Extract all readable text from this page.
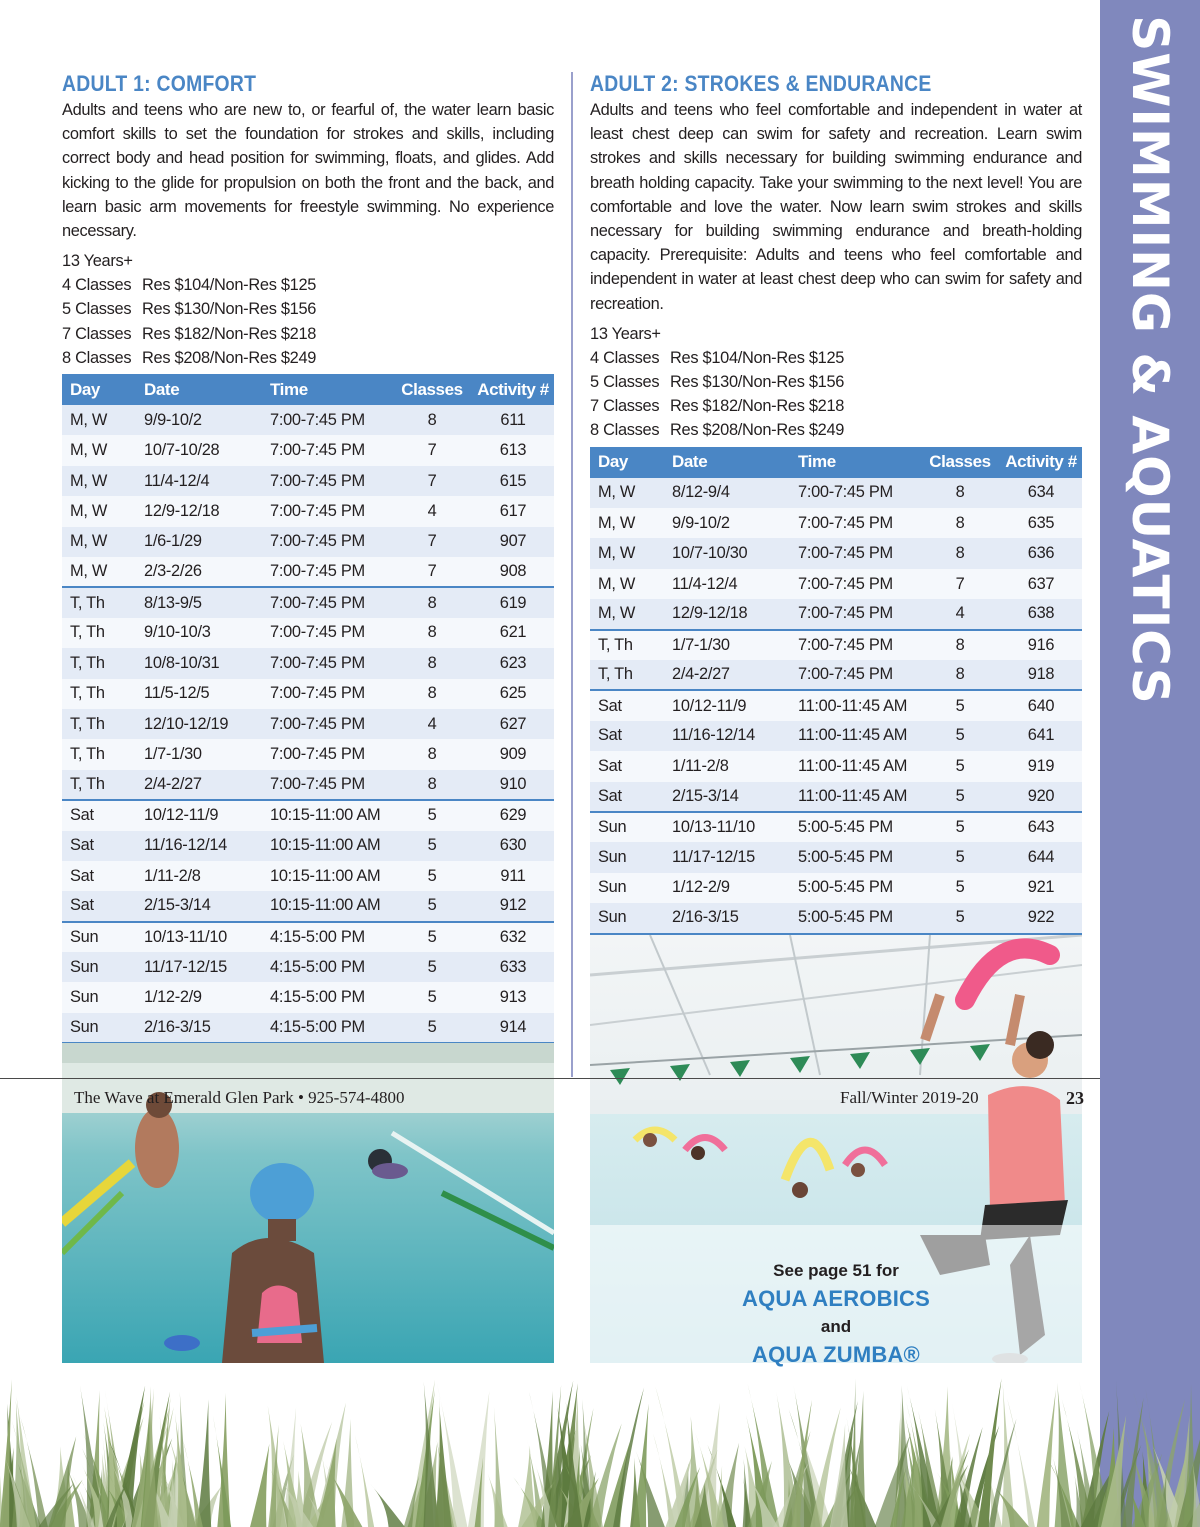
SWIMMING & AQUATICS
ADULT 1: COMFORT

Adults and teens who are new to, or fearful of, the water learn basic comfort skills to set the foundation for strokes and skills, including correct body and head position for swimming, floats, and glides. Add kicking to the glide for propulsion on both the front and the back, and learn basic arm movements for freestyle swimming. No experience necessary.

13 Years+
4 Classes Res $104/Non-Res $125
5 Classes Res $130/Non-Res $156
7 Classes Res $182/Non-Res $218
8 Classes Res $208/Non-Res $249
Day	Date	Time	Classes	Activity #
M, W	9/9-10/2	7:00-7:45 PM	8	611
M, W	10/7-10/28	7:00-7:45 PM	7	613
M, W	11/4-12/4	7:00-7:45 PM	7	615
M, W	12/9-12/18	7:00-7:45 PM	4	617
M, W	1/6-1/29	7:00-7:45 PM	7	907
M, W	2/3-2/26	7:00-7:45 PM	7	908
T, Th	8/13-9/5	7:00-7:45 PM	8	619
T, Th	9/10-10/3	7:00-7:45 PM	8	621
T, Th	10/8-10/31	7:00-7:45 PM	8	623
T, Th	11/5-12/5	7:00-7:45 PM	8	625
T, Th	12/10-12/19	7:00-7:45 PM	4	627
T, Th	1/7-1/30	7:00-7:45 PM	8	909
T, Th	2/4-2/27	7:00-7:45 PM	8	910
Sat	10/12-11/9	10:15-11:00 AM	5	629
Sat	11/16-12/14	10:15-11:00 AM	5	630
Sat	1/11-2/8	10:15-11:00 AM	5	911
Sat	2/15-3/14	10:15-11:00 AM	5	912
Sun	10/13-11/10	4:15-5:00 PM	5	632
Sun	11/17-12/15	4:15-5:00 PM	5	633
Sun	1/12-2/9	4:15-5:00 PM	5	913
Sun	2/16-3/15	4:15-5:00 PM	5	914
ADULT 2: STROKES & ENDURANCE

Adults and teens who feel comfortable and independent in water at least chest deep can swim for safety and recreation. Learn swim strokes and skills necessary for building swimming endurance and breath holding capacity. Take your swimming to the next level! You are comfortable and love the water. Now learn swim strokes and skills necessary for building swimming endurance and breath-holding capacity. Prerequisite: Adults and teens who feel comfortable and independent in water at least chest deep who can swim for safety and recreation.

13 Years+
4 Classes Res $104/Non-Res $125
5 Classes Res $130/Non-Res $156
7 Classes Res $182/Non-Res $218
8 Classes Res $208/Non-Res $249
Day	Date	Time	Classes	Activity #
M, W	8/12-9/4	7:00-7:45 PM	8	634
M, W	9/9-10/2	7:00-7:45 PM	8	635
M, W	10/7-10/30	7:00-7:45 PM	8	636
M, W	11/4-12/4	7:00-7:45 PM	7	637
M, W	12/9-12/18	7:00-7:45 PM	4	638
T, Th	1/7-1/30	7:00-7:45 PM	8	916
T, Th	2/4-2/27	7:00-7:45 PM	8	918
Sat	10/12-11/9	11:00-11:45 AM	5	640
Sat	11/16-12/14	11:00-11:45 AM	5	641
Sat	1/11-2/8	11:00-11:45 AM	5	919
Sat	2/15-3/14	11:00-11:45 AM	5	920
Sun	10/13-11/10	5:00-5:45 PM	5	643
Sun	11/17-12/15	5:00-5:45 PM	5	644
Sun	1/12-2/9	5:00-5:45 PM	5	921
Sun	2/16-3/15	5:00-5:45 PM	5	922
See page 51 for
AQUA AEROBICS
and
AQUA ZUMBA®
The Wave at Emerald Glen Park • 925-574-4800	Fall/Winter 2019-20	23
